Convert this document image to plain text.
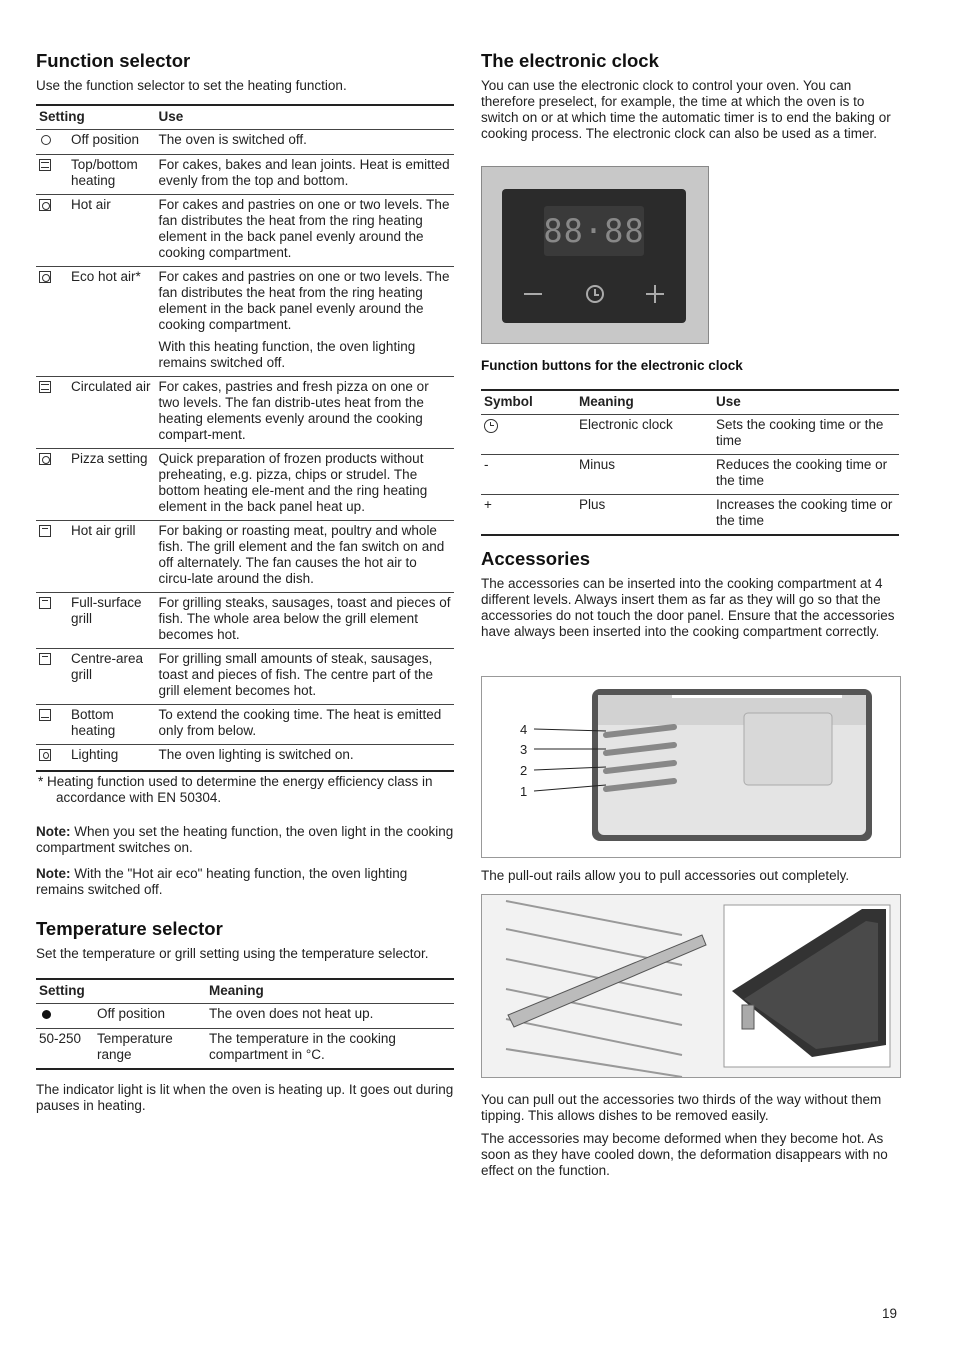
Function selector

Use the function selector to set the heating function.

Setting		Use
	Off position	The oven is switched off.

	Top/bottom heating	For cakes, bakes and lean joints. Heat is emitted evenly from the top and bottom.

	Hot air	For cakes and pastries on one or two levels. The fan distributes the heat from the ring heating element in the back panel evenly around the cooking compartment.

	Eco hot air*	For cakes and pastries on one or two levels. The fan distributes the heat from the ring heating element in the back panel evenly around the cooking compartment.

With this heating function, the oven lighting remains switched off.

	Circulated air	For cakes, pastries and fresh pizza on one or two levels. The fan distrib-utes heat from the heating elements evenly around the cooking compart-ment.

	Pizza setting	Quick preparation of frozen products without preheating, e.g. pizza, chips or strudel. The bottom heating ele-ment and the ring heating element in the back panel heat up.

	Hot air grill	For baking or roasting meat, poultry and whole fish. The grill element and the fan switch on and off alternately. The fan causes the hot air to circu-late around the dish.

	Full-surface grill	For grilling steaks, sausages, toast and pieces of fish. The whole area below the grill element becomes hot.

	Centre-area grill	For grilling small amounts of steak, sausages, toast and pieces of fish. The centre part of the grill element becomes hot.

	Bottom heating	To extend the cooking time. The heat is emitted only from below.

	Lighting	The oven lighting is switched on.

* Heating function used to determine the energy efficiency class in accordance with EN 50304.

Note: When you set the heating function, the oven light in the cooking compartment switches on.

Note: With the "Hot air eco" heating function, the oven lighting remains switched off.

Temperature selector

Set the temperature or grill setting using the temperature selector.

Setting		Meaning
	Off position	The oven does not heat up.
50-250	Temperature range	The temperature in the cooking compartment in °C.

The indicator light is lit when the oven is heating up. It goes out during pauses in heating.

The electronic clock

You can use the electronic clock to control your oven. You can therefore preselect, for example, the time at which the oven is to switch on or at which time the automatic timer is to end the baking or cooking process. The electronic clock can also be used as a timer.

88·88
Function buttons for the electronic clock
Symbol	Meaning	Use

	Electronic clock	Sets the cooking time or the time
-	Minus	Reduces the cooking time or the time
+	Plus	Increases the cooking time or the time
Accessories

The accessories can be inserted into the cooking compartment at 4 different levels. Always insert them as far as they will go so that the accessories do not touch the door panel. Ensure that the accessories have always been inserted into the cooking compartment correctly.

4
3
2
1

The pull-out rails allow you to pull accessories out completely.

You can pull out the accessories two thirds of the way without them tipping. This allows dishes to be removed easily.

The accessories may become deformed when they become hot. As soon as they have cooled down, the deformation disappears with no effect on the function.

19
